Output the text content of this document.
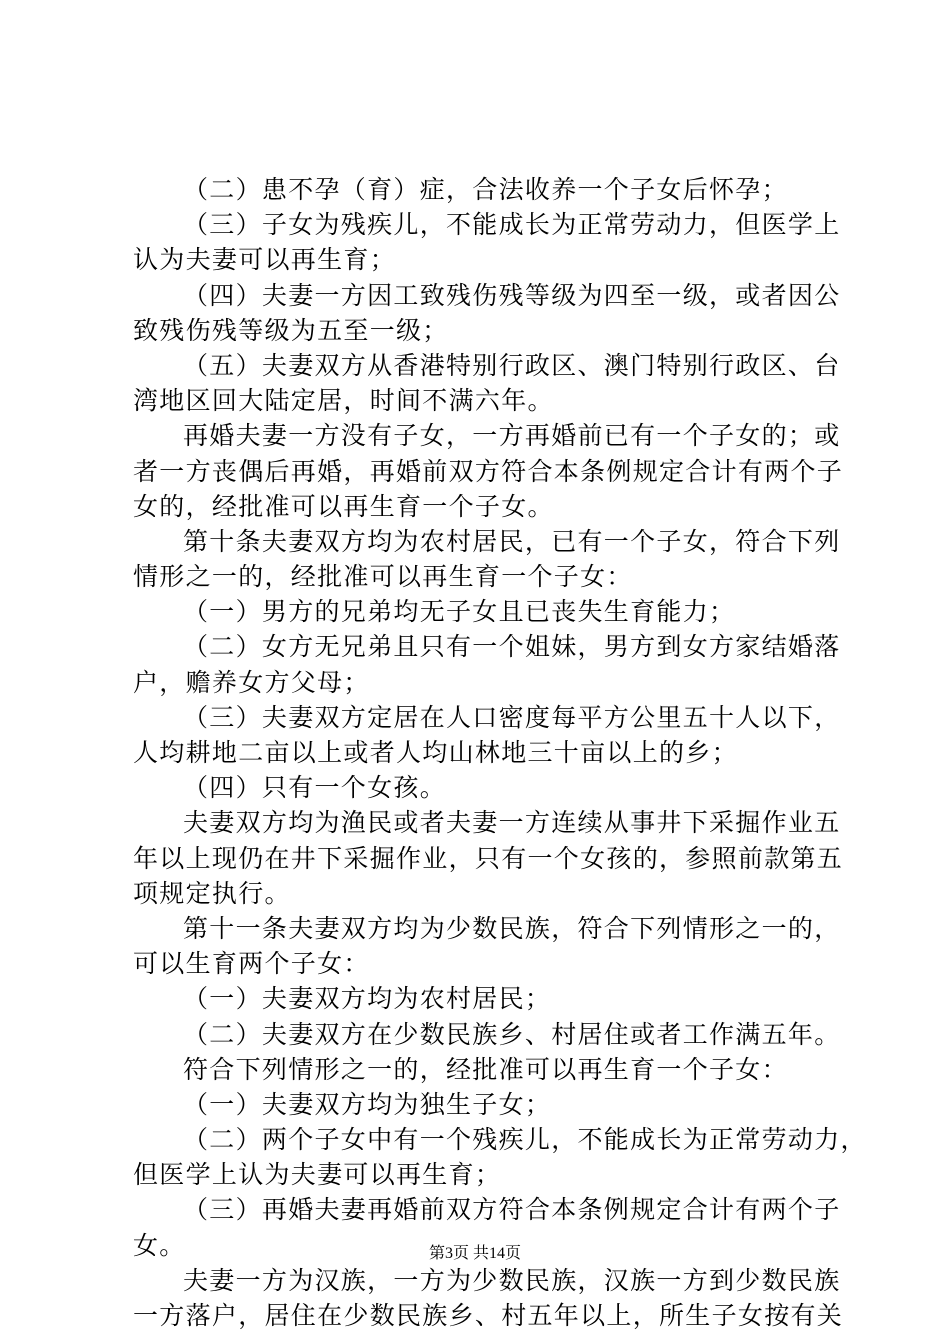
（二）患不孕（育）症，合法收养一个子女后怀孕；
（三）子女为残疾儿，不能成长为正常劳动力，但医学上
认为夫妻可以再生育；
（四）夫妻一方因工致残伤残等级为四至一级，或者因公
致残伤残等级为五至一级；
（五）夫妻双方从香港特别行政区、澳门特别行政区、台
湾地区回大陆定居，时间不满六年。
再婚夫妻一方没有子女，一方再婚前已有一个子女的；或
者一方丧偶后再婚，再婚前双方符合本条例规定合计有两个子
女的，经批准可以再生育一个子女。
第十条夫妻双方均为农村居民，已有一个子女，符合下列
情形之一的，经批准可以再生育一个子女：
（一）男方的兄弟均无子女且已丧失生育能力；
（二）女方无兄弟且只有一个姐妹，男方到女方家结婚落
户，赡养女方父母；
（三）夫妻双方定居在人口密度每平方公里五十人以下，
人均耕地二亩以上或者人均山林地三十亩以上的乡；
（四）只有一个女孩。
夫妻双方均为渔民或者夫妻一方连续从事井下采掘作业五
年以上现仍在井下采掘作业，只有一个女孩的，参照前款第五
项规定执行。
第十一条夫妻双方均为少数民族，符合下列情形之一的，
可以生育两个子女：
（一）夫妻双方均为农村居民；
（二）夫妻双方在少数民族乡、村居住或者工作满五年。
符合下列情形之一的，经批准可以再生育一个子女：
（一）夫妻双方均为独生子女；
（二）两个子女中有一个残疾儿，不能成长为正常劳动力，
但医学上认为夫妻可以再生育；
（三）再婚夫妻再婚前双方符合本条例规定合计有两个子
女。
夫妻一方为汉族，一方为少数民族，汉族一方到少数民族
一方落户，居住在少数民族乡、村五年以上，所生子女按有关
第3页 共14页
